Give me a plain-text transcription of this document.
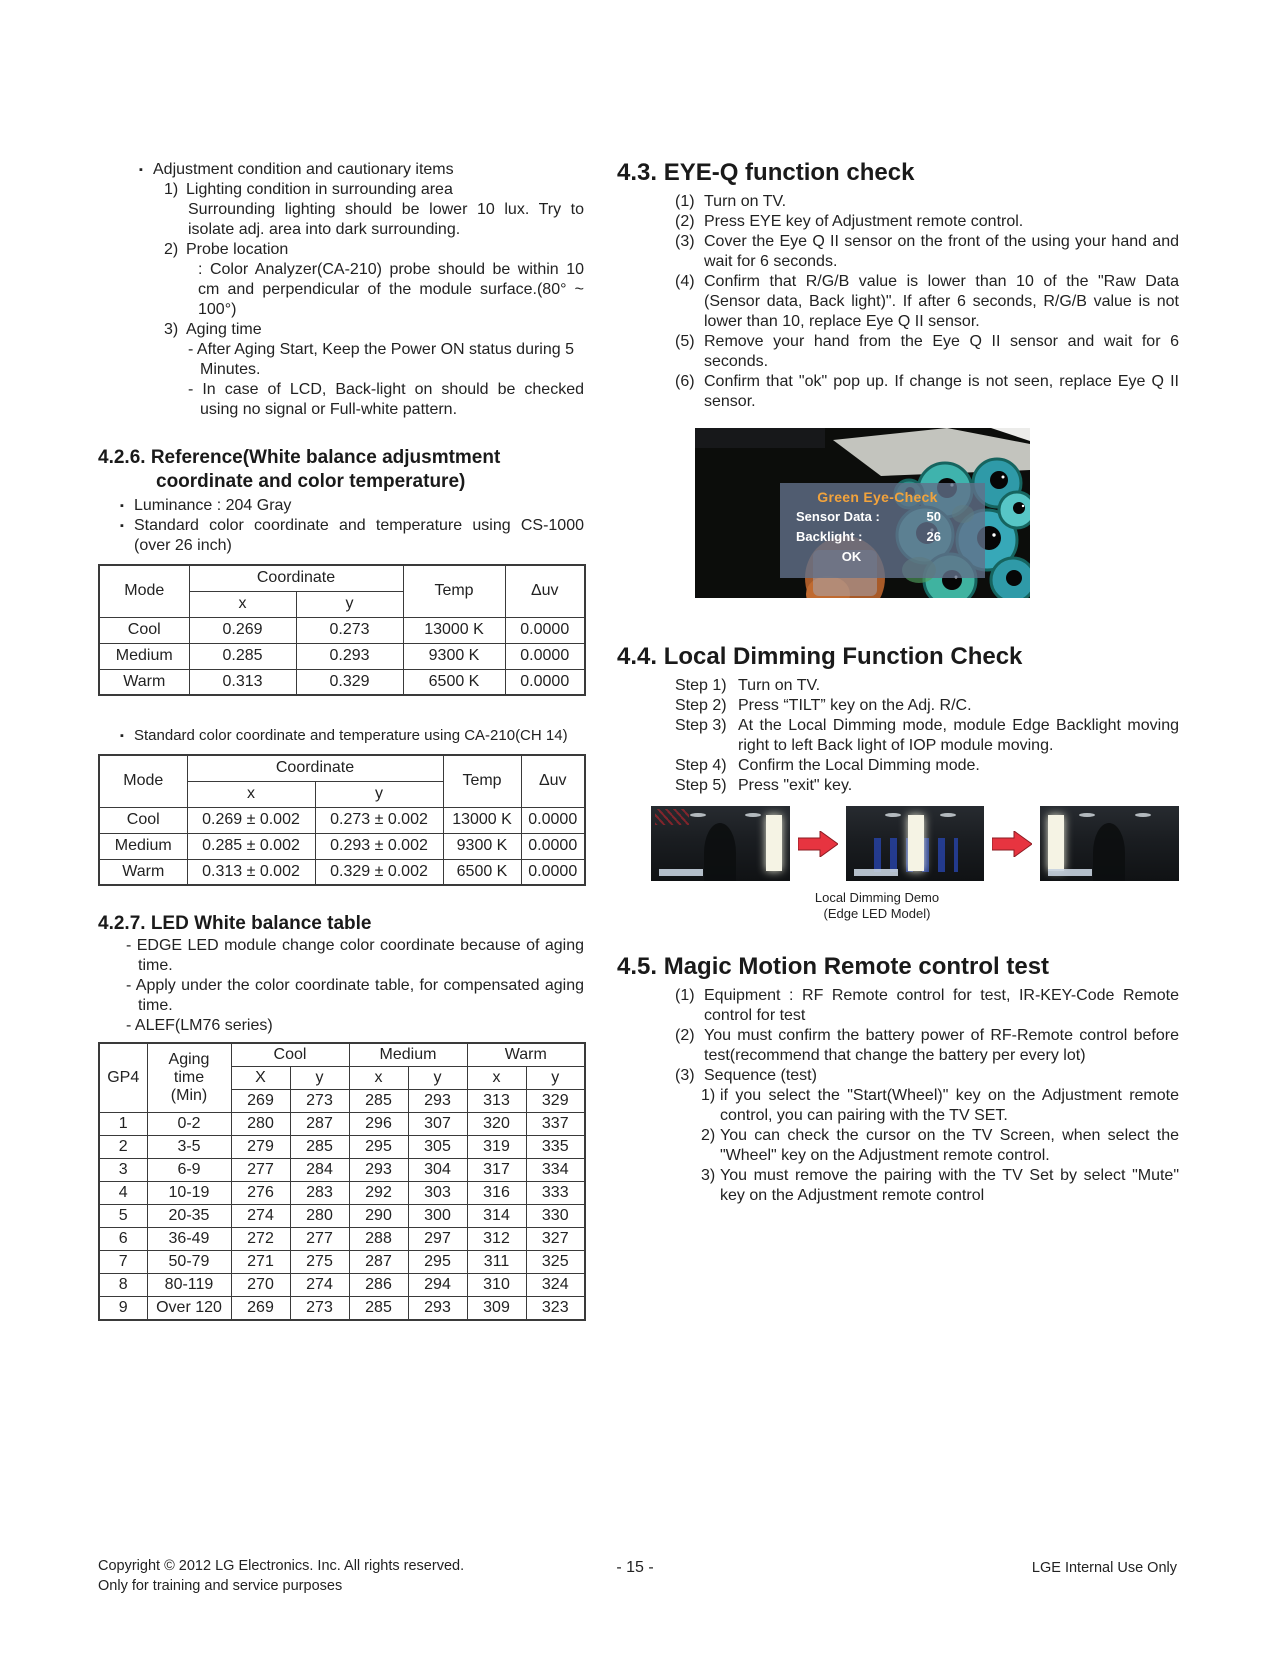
▪ Adjustment condition and cautionary items
1) Lighting condition in surrounding area

Surrounding lighting should be lower 10 lux. Try to isolate adj. area into dark surrounding.

2) Probe location

: Color Analyzer(CA-210) probe should be within 10 cm and perpendicular of the module surface.(80° ~ 100°)

3) Aging time

- After Aging Start, Keep the Power ON status during 5 Minutes.

- In case of LCD, Back-light on should be checked using no signal or Full-white pattern.

4.2.6. Reference(White balance adjusmtment coordinate and color temperature)
▪ Luminance : 204 Gray
▪ Standard color coordinate and temperature using CS-1000 (over 26 inch)
Mode	Coordinate		Temp	Δuv
	x	y		
Cool	0.269	0.273	13000 K	0.0000
Medium	0.285	0.293	9300 K	0.0000
Warm	0.313	0.329	6500 K	0.0000
▪ Standard color coordinate and temperature using CA-210(CH 14)
Mode	Coordinate		Temp	Δuv
	x	y		
Cool	0.269 ± 0.002	0.273 ± 0.002	13000 K	0.0000
Medium	0.285 ± 0.002	0.293 ± 0.002	9300 K	0.0000
Warm	0.313 ± 0.002	0.329 ± 0.002	6500 K	0.0000
4.2.7. LED White balance table

- EDGE LED module change color coordinate because of aging time.

- Apply under the color coordinate table, for compensated aging time.

- ALEF(LM76 series)

GP4	Aging time (Min)	Cool		Medium		Warm	
		X	y	x	y	x	y
		269	273	285	293	313	329
1	0-2	280	287	296	307	320	337
2	3-5	279	285	295	305	319	335
3	6-9	277	284	293	304	317	334
4	10-19	276	283	292	303	316	333
5	20-35	274	280	290	300	314	330
6	36-49	272	277	288	297	312	327
7	50-79	271	275	287	295	311	325
8	80-119	270	274	286	294	310	324
9	Over 120	269	273	285	293	309	323
4.3. EYE-Q function check
(1) Turn on TV.
(2) Press EYE key of Adjustment remote control.
(3) Cover the Eye Q II sensor on the front of the using your hand and wait for 6 seconds.
(4) Confirm that R/G/B value is lower than 10 of the "Raw Data (Sensor data, Back light)". If after 6 seconds, R/G/B value is not lower than 10, replace Eye Q II sensor.
(5) Remove your hand from the Eye Q II sensor and wait for 6 seconds.
(6) Confirm that "ok" pop up. If change is not seen, replace Eye Q II sensor.
Green Eye-Check
Sensor Data :	50
Backlight :	26
OK
4.4. Local Dimming Function Check
Step 1) Turn on TV.
Step 2) Press “TILT” key on the Adj. R/C.
Step 3) At the Local Dimming mode, module Edge Backlight moving right to left Back light of IOP module moving.
Step 4) Confirm the Local Dimming mode.
Step 5) Press "exit" key.
Local Dimming Demo
(Edge LED Model)
4.5. Magic Motion Remote control test
(1) Equipment : RF Remote control for test, IR-KEY-Code Remote control for test
(2) You must confirm the battery power of RF-Remote control before test(recommend that change the battery per every lot)
(3) Sequence (test)
1) if you select the "Start(Wheel)" key on the Adjustment remote control, you can pairing with the TV SET.
2) You can check the cursor on the TV Screen, when select the "Wheel" key on the Adjustment remote control.
3) You must remove the pairing with the TV Set by select "Mute" key on the Adjustment remote control
Copyright © 2012 LG Electronics. Inc. All rights reserved.
Only for training and service purposes
- 15 -	LGE Internal Use Only
